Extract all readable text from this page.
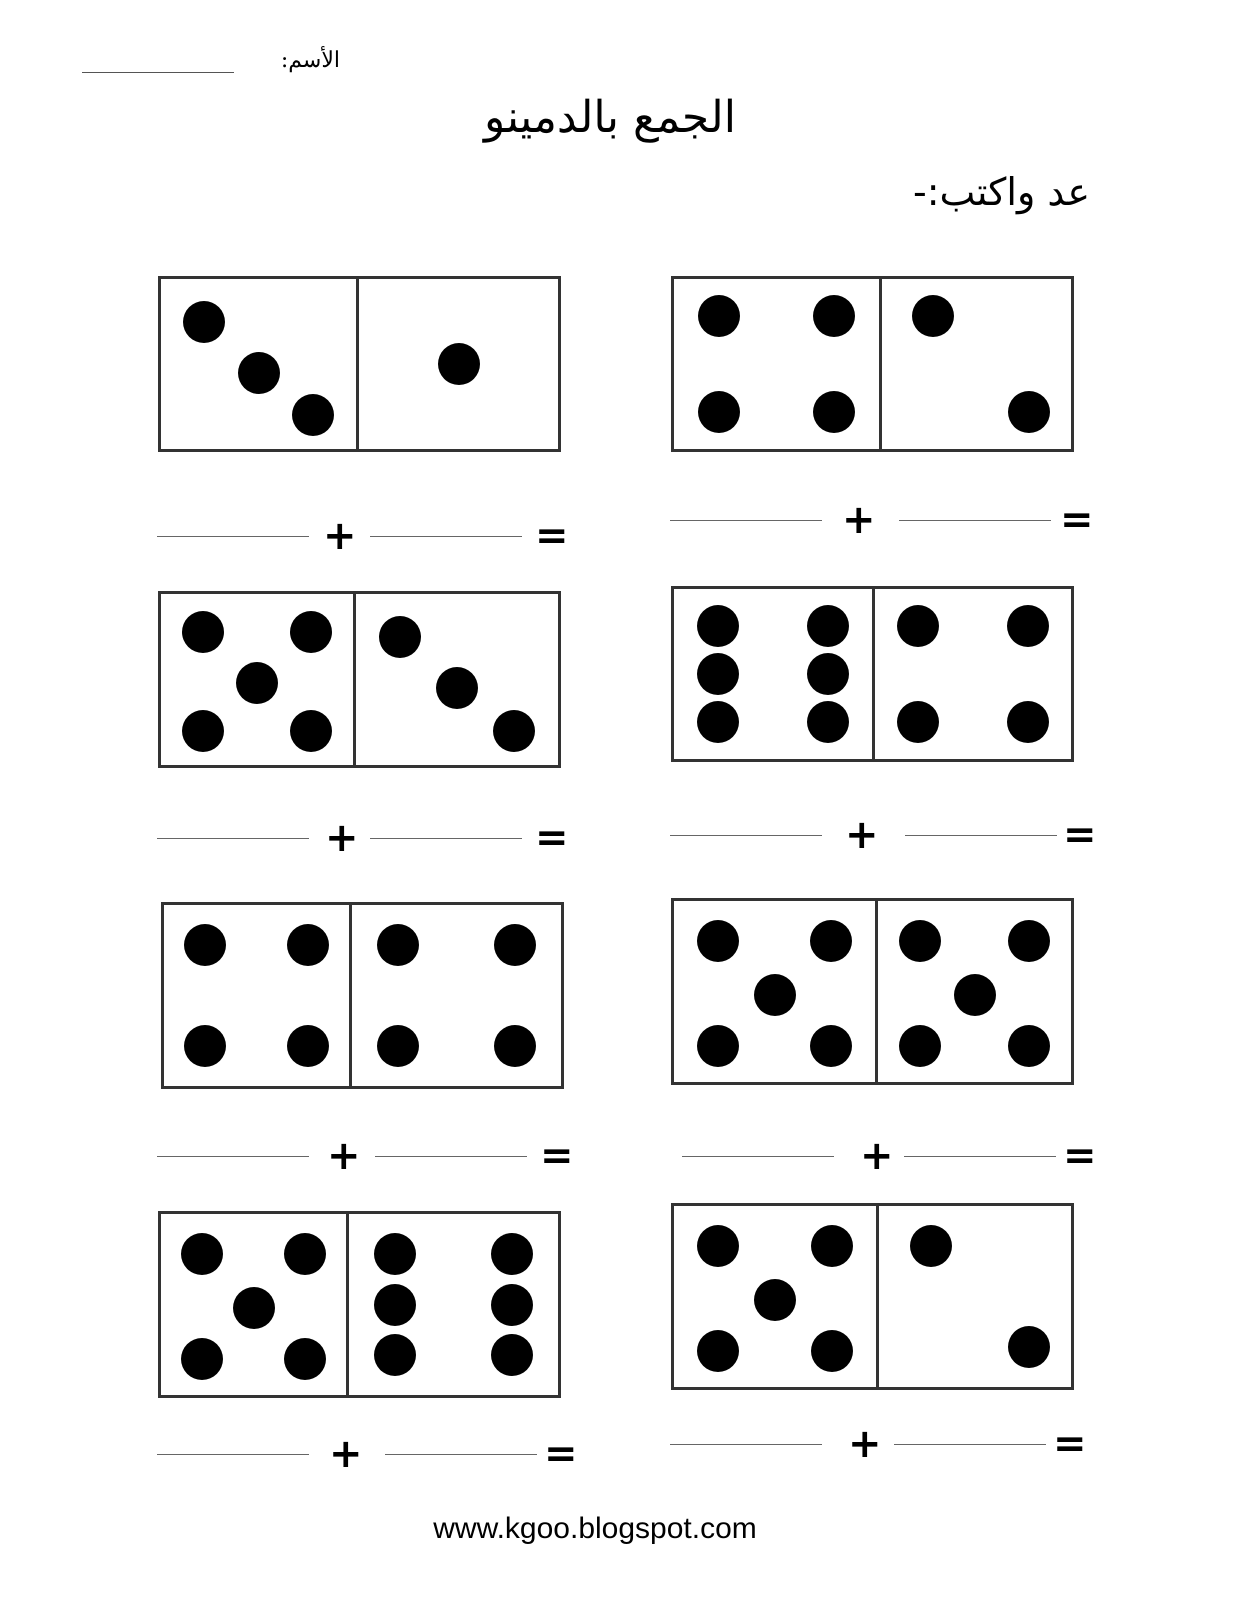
الأسم:
الجمع بالدمينو
عد واكتب:-
+	=	+	=
+	=	+	=
+	=	+	=
+	=	+	=
www.kgoo.blogspot.com
